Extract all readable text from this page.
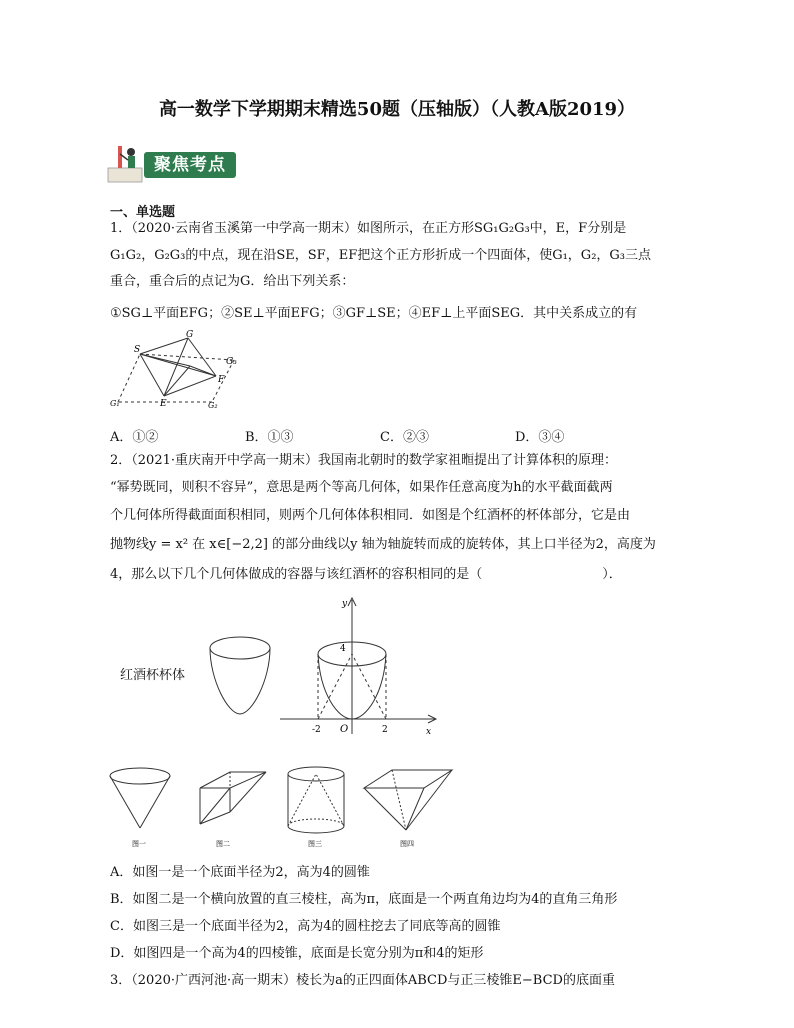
高一数学下学期期末精选50题（压轴版）（人教A版2019）
聚焦考点
一、单选题
1．（2020·云南省玉溪第一中学高一期末）如图所示，在正方形SG₁G₂G₃中，E，F分别是
G₁G₂，G₂G₃的中点，现在沿SE，SF，EF把这个正方形折成一个四面体，使G₁，G₂，G₃三点
重合，重合后的点记为G．给出下列关系：
①SG⊥平面EFG；②SE⊥平面EFG；③GF⊥SE；④EF⊥上平面SEG．其中关系成立的有
S
G
G₃
F
G₁	E	G₂
A．①②	B．①③	C．②③	D．③④
2．（2021·重庆南开中学高一期末）我国南北朝时的数学家祖暅提出了计算体积的原理：
“幂势既同，则积不容异”，意思是两个等高几何体，如果作任意高度为h的水平截面截两
个几何体所得截面面积相同，则两个几何体体积相同．如图是个红酒杯的杯体部分，它是由
抛物线y = x² 在 x∈[−2,2] 的部分曲线以y 轴为轴旋转而成的旋转体，其上口半径为2，高度为
4，那么以下几个几何体做成的容器与该红酒杯的容积相同的是（	）．
红酒杯杯体
y
x
4
-2 O	2
图一	图二	图三	图四
A．如图一是一个底面半径为2，高为4的圆锥
B．如图二是一个横向放置的直三棱柱，高为π，底面是一个两直角边均为4的直角三角形
C．如图三是一个底面半径为2，高为4的圆柱挖去了同底等高的圆锥
D．如图四是一个高为4的四棱锥，底面是长宽分别为π和4的矩形
3．（2020·广西河池·高一期末）棱长为a的正四面体ABCD与正三棱锥E−BCD的底面重
